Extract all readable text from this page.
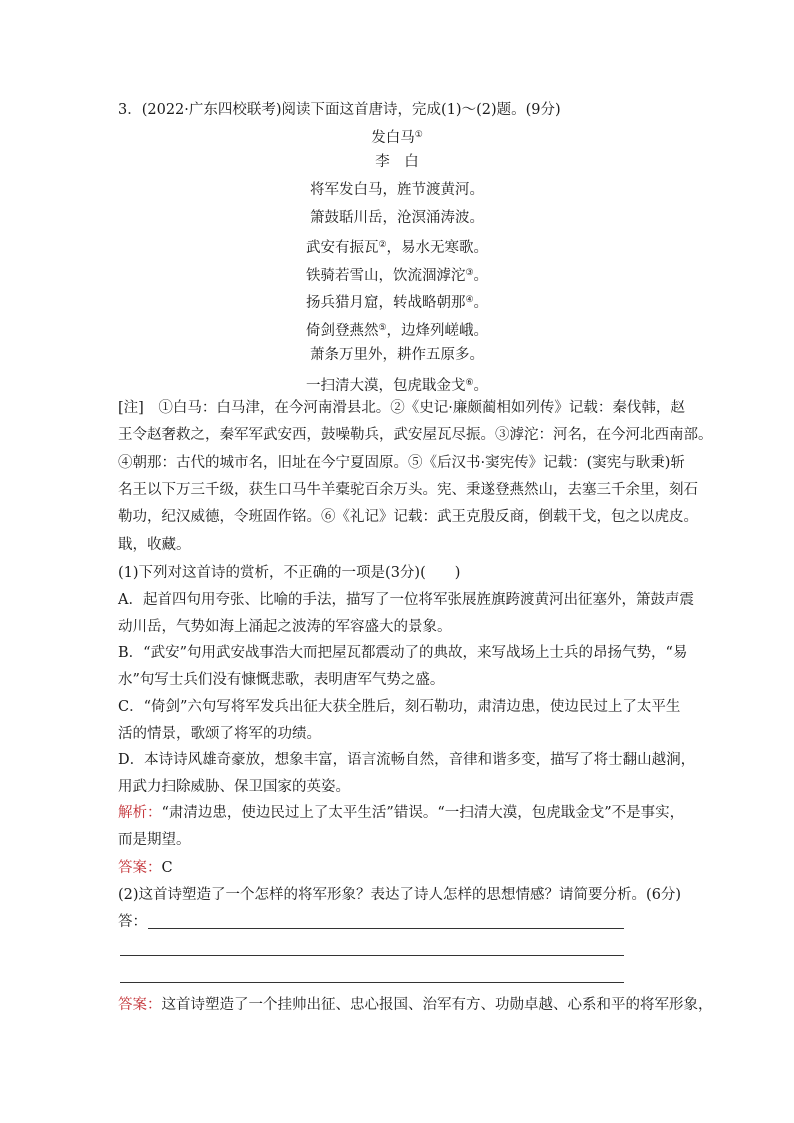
3．(2022·广东四校联考)阅读下面这首唐诗，完成(1)～(2)题。(9分)
发白马①
李　白
将军发白马，旌节渡黄河。
箫鼓聒川岳，沧溟涌涛波。
武安有振瓦②，易水无寒歌。
铁骑若雪山，饮流涸滹沱③。
扬兵猎月窟，转战略朝那④。
倚剑登燕然⑤，边烽列嵯峨。
萧条万里外，耕作五原多。
一扫清大漠，包虎戢金戈⑥。
[注]　①白马：白马津，在今河南滑县北。②《史记·廉颇蔺相如列传》记载：秦伐韩，赵
王令赵奢救之，秦军军武安西，鼓噪勒兵，武安屋瓦尽振。③滹沱：河名，在今河北西南部。
④朝那：古代的城市名，旧址在今宁夏固原。⑤《后汉书·窦宪传》记载：(窦宪与耿秉)斩
名王以下万三千级，获生口马牛羊橐驼百余万头。宪、秉遂登燕然山，去塞三千余里，刻石
勒功，纪汉威德，令班固作铭。⑥《礼记》记载：武王克殷反商，倒载干戈，包之以虎皮。
戢，收藏。
(1)下列对这首诗的赏析，不正确的一项是(3分)(　　)
A．起首四句用夸张、比喻的手法，描写了一位将军张展旌旗跨渡黄河出征塞外，箫鼓声震
动川岳，气势如海上涌起之波涛的军容盛大的景象。
B．“武安”句用武安战事浩大而把屋瓦都震动了的典故，来写战场上士兵的昂扬气势，“易
水”句写士兵们没有慷慨悲歌，表明唐军气势之盛。
C．“倚剑”六句写将军发兵出征大获全胜后，刻石勒功，肃清边患，使边民过上了太平生
活的情景，歌颂了将军的功绩。
D．本诗诗风雄奇豪放，想象丰富，语言流畅自然，音律和谐多变，描写了将士翻山越涧，
用武力扫除威胁、保卫国家的英姿。
解析：“肃清边患，使边民过上了太平生活”错误。“一扫清大漠，包虎戢金戈”不是事实，
而是期望。
答案：C
(2)这首诗塑造了一个怎样的将军形象？表达了诗人怎样的思想情感？请简要分析。(6分)
答：
答案：这首诗塑造了一个挂帅出征、忠心报国、治军有方、功勋卓越、心系和平的将军形象，
